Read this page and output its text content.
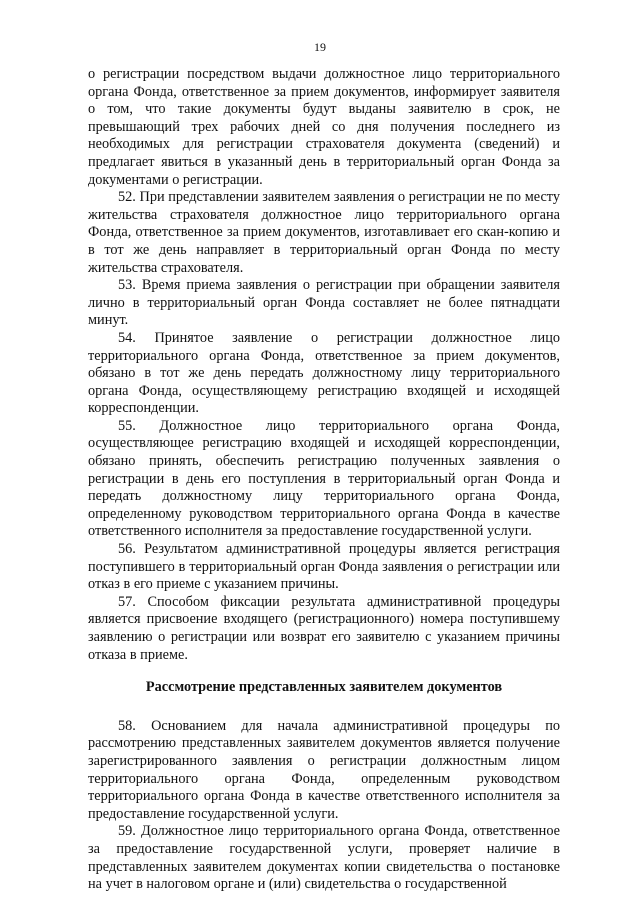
19

о регистрации посредством выдачи должностное лицо территориального органа Фонда, ответственное за прием документов, информирует заявителя о том, что такие документы будут выданы заявителю в срок, не превышающий трех рабочих дней со дня получения последнего из необходимых для регистрации страхователя документа (сведений) и предлагает явиться в указанный день в территориальный орган Фонда за документами о регистрации.

52. При представлении заявителем заявления о регистрации не по месту жительства страхователя должностное лицо территориального органа Фонда, ответственное за прием документов, изготавливает его скан-копию и в тот же день направляет в территориальный орган Фонда по месту жительства страхователя.

53. Время приема заявления о регистрации при обращении заявителя лично в территориальный орган Фонда составляет не более пятнадцати минут.

54. Принятое заявление о регистрации должностное лицо территориального органа Фонда, ответственное за прием документов, обязано в тот же день передать должностному лицу территориального органа Фонда, осуществляющему регистрацию входящей и исходящей корреспонденции.

55. Должностное лицо территориального органа Фонда, осуществляющее регистрацию входящей и исходящей корреспонденции, обязано принять, обеспечить регистрацию полученных заявления о регистрации в день его поступления в территориальный орган Фонда и передать должностному лицу территориального органа Фонда, определенному руководством территориального органа Фонда в качестве ответственного исполнителя за предоставление государственной услуги.

56. Результатом административной процедуры является регистрация поступившего в территориальный орган Фонда заявления о регистрации или отказ в его приеме с указанием причины.

57. Способом фиксации результата административной процедуры является присвоение входящего (регистрационного) номера поступившему заявлению о регистрации или возврат его заявителю с указанием причины отказа в приеме.

Рассмотрение представленных заявителем документов

58. Основанием для начала административной процедуры по рассмотрению представленных заявителем документов является получение зарегистрированного заявления о регистрации должностным лицом территориального органа Фонда, определенным руководством территориального органа Фонда в качестве ответственного исполнителя за предоставление государственной услуги.

59. Должностное лицо территориального органа Фонда, ответственное за предоставление государственной услуги, проверяет наличие в представленных заявителем документах копии свидетельства о постановке на учет в налоговом органе и (или) свидетельства о государственной
